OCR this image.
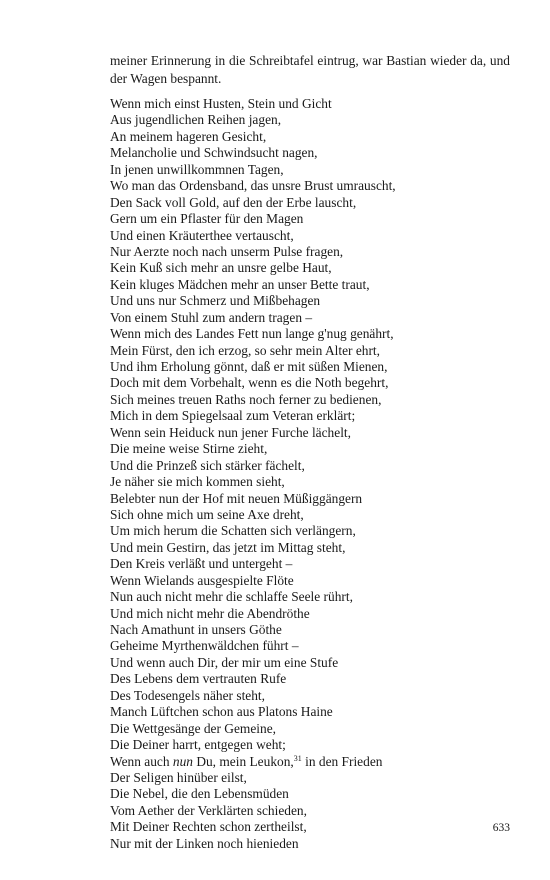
meiner Erinnerung in die Schreibtafel eintrug, war Bastian wieder da, und der Wagen bespannt.

Wenn mich einst Husten, Stein und Gicht
Aus jugendlichen Reihen jagen,
An meinem hageren Gesicht,
Melancholie und Schwindsucht nagen,
In jenen unwillkommnen Tagen,
Wo man das Ordensband, das unsre Brust umrauscht,
Den Sack voll Gold, auf den der Erbe lauscht,
Gern um ein Pflaster für den Magen
Und einen Kräuterthee vertauscht,
Nur Aerzte noch nach unserm Pulse fragen,
Kein Kuß sich mehr an unsre gelbe Haut,
Kein kluges Mädchen mehr an unser Bette traut,
Und uns nur Schmerz und Mißbehagen
Von einem Stuhl zum andern tragen –
Wenn mich des Landes Fett nun lange g'nug genährt,
Mein Fürst, den ich erzog, so sehr mein Alter ehrt,
Und ihm Erholung gönnt, daß er mit süßen Mienen,
Doch mit dem Vorbehalt, wenn es die Noth begehrt,
Sich meines treuen Raths noch ferner zu bedienen,
Mich in dem Spiegelsaal zum Veteran erklärt;
Wenn sein Heiduck nun jener Furche lächelt,
Die meine weise Stirne zieht,
Und die Prinzeß sich stärker fächelt,
Je näher sie mich kommen sieht,
Belebter nun der Hof mit neuen Müßiggängern
Sich ohne mich um seine Axe dreht,
Um mich herum die Schatten sich verlängern,
Und mein Gestirn, das jetzt im Mittag steht,
Den Kreis verläßt und untergeht –
Wenn Wielands ausgespielte Flöte
Nun auch nicht mehr die schlaffe Seele rührt,
Und mich nicht mehr die Abendröthe
Nach Amathunt in unsers Göthe
Geheime Myrthenwäldchen führt –
Und wenn auch Dir, der mir um eine Stufe
Des Lebens dem vertrauten Rufe
Des Todesengels näher steht,
Manch Lüftchen schon aus Platons Haine
Die Wettgesänge der Gemeine,
Die Deiner harrt, entgegen weht;
Wenn auch nun Du, mein Leukon,$^{31}$ in den Frieden
Der Seligen hinüber eilst,
Die Nebel, die den Lebensmüden
Vom Aether der Verklärten schieden,
Mit Deiner Rechten schon zertheilst,
Nur mit der Linken noch hienieden
633
